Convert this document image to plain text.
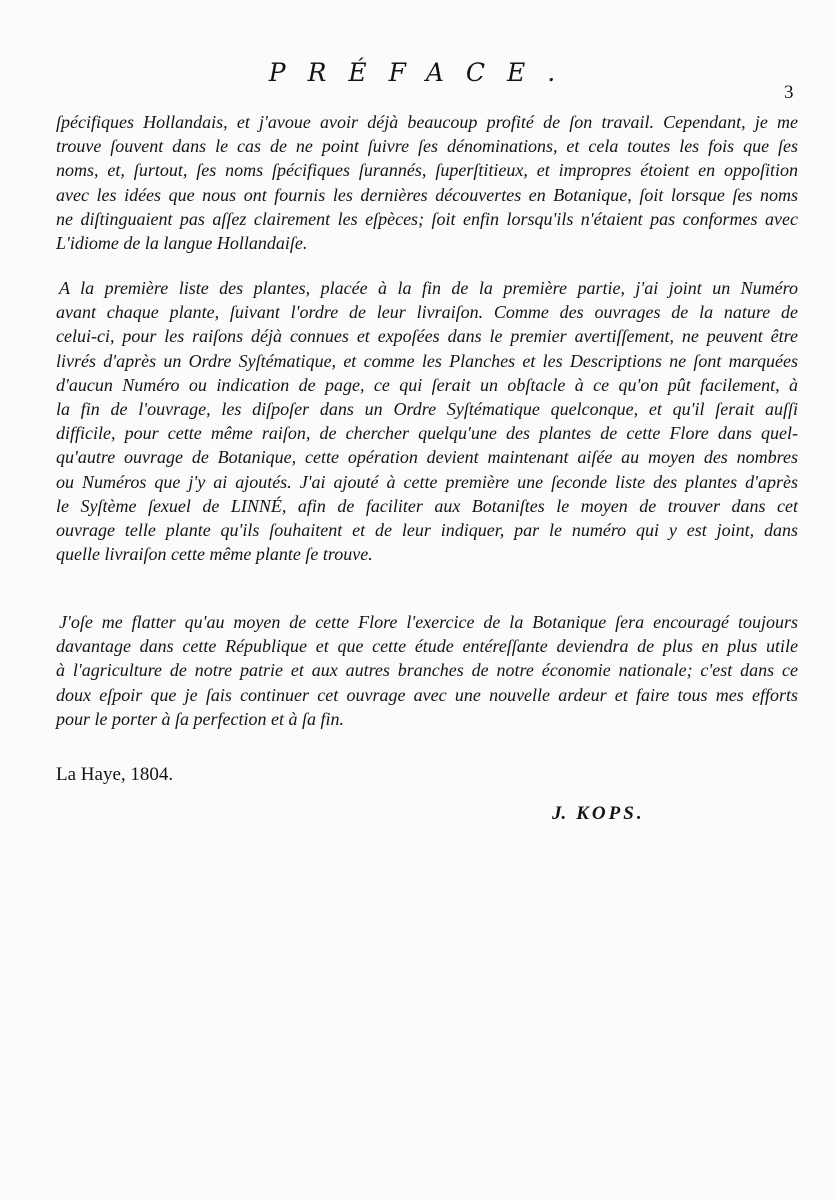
PRÉFACE.
3
ſpécifiques Hollandais, et j'avoue avoir déjà beaucoup profité de ſon travail. Cependant, je me
trouve ſouvent dans le cas de ne point ſuivre ſes dénominations, et cela toutes les fois que ſes
noms, et, ſurtout, ſes noms ſpécifiques ſurannés, ſuperſtitieux, et impropres étoient en oppoſition
avec les idées que nous ont fournis les dernières découvertes en Botanique, ſoit lorsque ſes noms
ne diſtinguaient pas aſſez clairement les eſpèces; ſoit enfin lorsqu'ils n'étaient pas conformes avec
L'idiome de la langue Hollandaiſe.
A la première liste des plantes, placée à la fin de la première partie, j'ai joint un Numéro
avant chaque plante, ſuivant l'ordre de leur livraiſon. Comme des ouvrages de la nature de
celui-ci, pour les raiſons déjà connues et expoſées dans le premier avertiſſement, ne peuvent être
livrés d'après un Ordre Syſtématique, et comme les Planches et les Descriptions ne ſont marquées
d'aucun Numéro ou indication de page, ce qui ſerait un obſtacle à ce qu'on pût facilement, à
la fin de l'ouvrage, les diſpoſer dans un Ordre Syſtématique quelconque, et qu'il ſerait auſſi
difficile, pour cette même raiſon, de chercher quelqu'une des plantes de cette Flore dans quel-
qu'autre ouvrage de Botanique, cette opération devient maintenant aiſée au moyen des nombres
ou Numéros que j'y ai ajoutés. J'ai ajouté à cette première une ſeconde liste des plantes d'après
le Syſtème ſexuel de LINNÉ, afin de faciliter aux Botaniſtes le moyen de trouver dans cet
ouvrage telle plante qu'ils ſouhaitent et de leur indiquer, par le numéro qui y est joint, dans
quelle livraiſon cette même plante ſe trouve.
J'oſe me flatter qu'au moyen de cette Flore l'exercice de la Botanique ſera encouragé toujours
davantage dans cette République et que cette étude entéreſſante deviendra de plus en plus utile
à l'agriculture de notre patrie et aux autres branches de notre économie nationale; c'est dans ce
doux eſpoir que je ſais continuer cet ouvrage avec une nouvelle ardeur et faire tous mes efforts
pour le porter à ſa perfection et à ſa fin.
La Haye, 1804.
J. KOPS.
